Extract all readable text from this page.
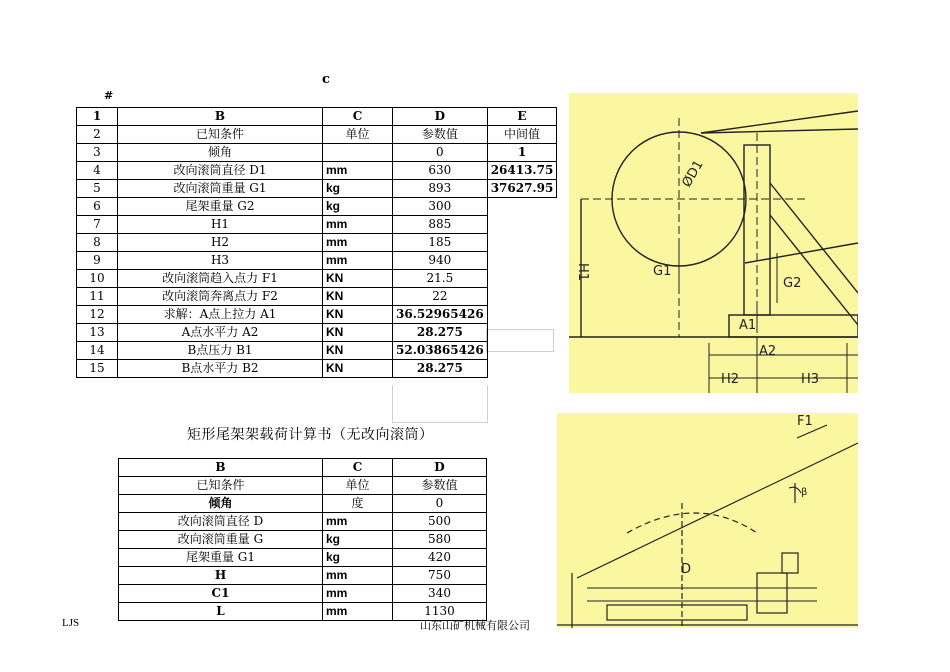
c
#
1	B	C	D	E
2	已知条件	单位	参数值	中间值
3	倾角		0	1
4	改向滚筒直径 D1	mm	630	26413.75
5	改向滚筒重量 G1	kg	893	37627.95
6	尾架重量 G2	kg	300	
7	H1	mm	885	
8	H2	mm	185	
9	H3	mm	940	
10	改向滚筒趋入点力 F1	KN	21.5	
11	改向滚筒奔离点力 F2	KN	22	
12	求解：A点上拉力 A1	KN	36.52965426	
13	A点水平力 A2	KN	28.275	
14	B点压力 B1	KN	52.03865426	
15	B点水平力 B2	KN	28.275	
矩形尾架架载荷计算书（无改向滚筒）
B	C	D
已知条件	单位	参数值
倾角	度	0
改向滚筒直径 D	mm	500
改向滚筒重量 G	kg	580
尾架重量 G1	kg	420
H	mm	750
C1	mm	340
L	mm	1130
LJS	山东山矿机械有限公司
ØD1
H1	G1
G2
A1
A2
H2	H3
F1
β
D
